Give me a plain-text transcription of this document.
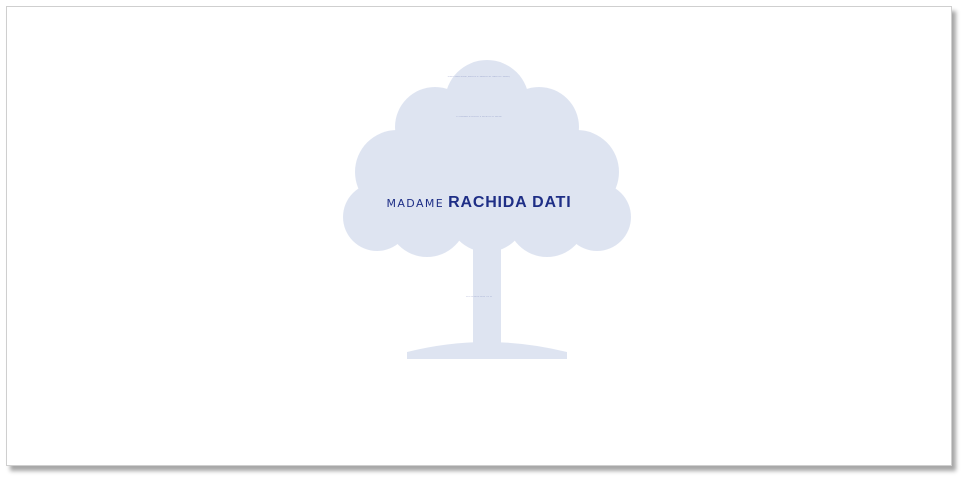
Georges-Francis Seingry, Conseiller à l’Assemblée des Français de l’étranger,
et les membres du bureau de la section UMP de Belgique
madame RACHIDA DATI
Mardi 26 janvier 2010 à 19 h 30
